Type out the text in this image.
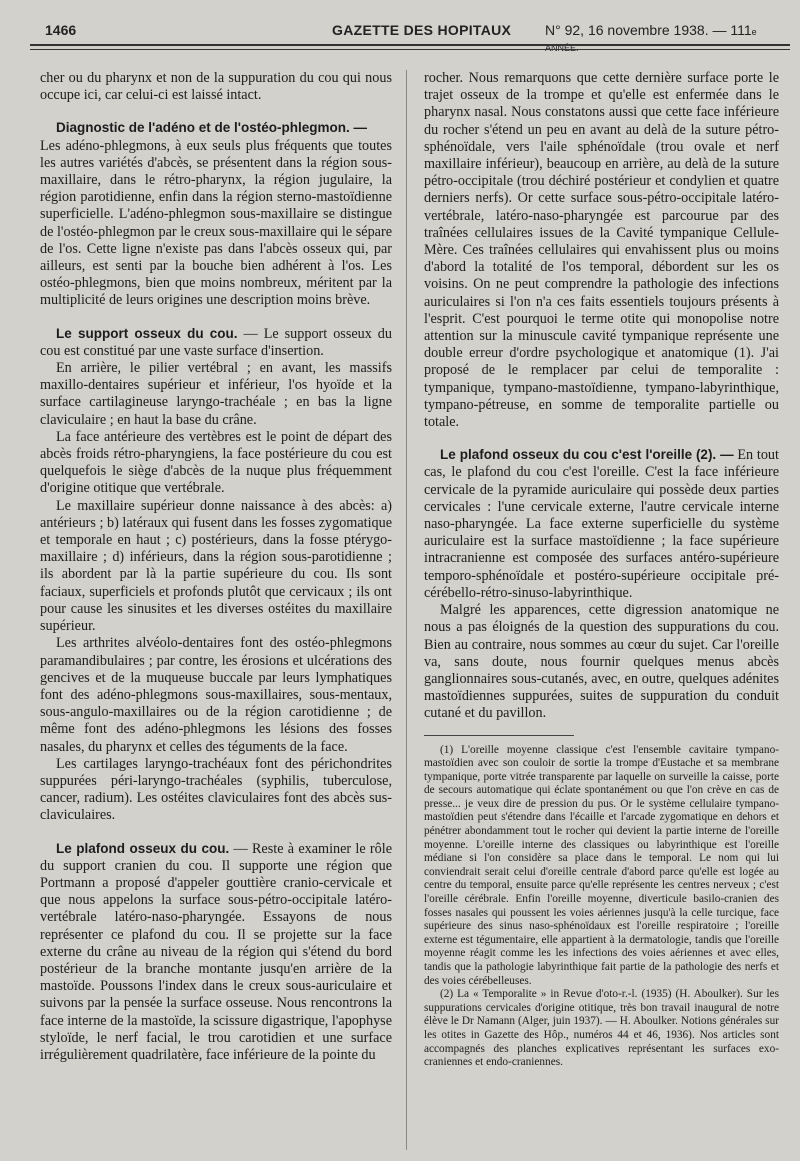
1466	GAZETTE DES HOPITAUX N° 92, 16 novembre 1938. — 111e ANNÉE.

cher ou du pharynx et non de la suppuration du cou qui nous occupe ici, car celui-ci est laissé intact.

Diagnostic de l'adéno et de l'ostéo-phlegmon. —

Les adéno-phlegmons, à eux seuls plus fréquents que toutes les autres variétés d'abcès, se présentent dans la région sous-maxillaire, dans le rétro-pharynx, la région jugulaire, la région parotidienne, enfin dans la région sterno-mastoïdienne superficielle. L'adéno-phlegmon sous-maxillaire se distingue de l'ostéo-phlegmon par le creux sous-maxillaire qui le sépare de l'os. Cette ligne n'existe pas dans l'abcès osseux qui, par ailleurs, est senti par la bouche bien adhérent à l'os. Les ostéo-phlegmons, bien que moins nombreux, méritent par la multiplicité de leurs origines une description moins brève.

Le support osseux du cou. — Le support osseux du cou est constitué par une vaste surface d'insertion.

En arrière, le pilier vertébral ; en avant, les massifs maxillo-dentaires supérieur et inférieur, l'os hyoïde et la surface cartilagineuse laryngo-trachéale ; en bas la ligne claviculaire ; en haut la base du crâne.

La face antérieure des vertèbres est le point de départ des abcès froids rétro-pharyngiens, la face postérieure du cou est quelquefois le siège d'abcès de la nuque plus fréquemment d'origine otitique que vertébrale.

Le maxillaire supérieur donne naissance à des abcès: a) antérieurs ; b) latéraux qui fusent dans les fosses zygomatique et temporale en haut ; c) postérieurs, dans la fosse ptérygo-maxillaire ; d) inférieurs, dans la région sous-parotidienne ; ils abordent par là la partie supérieure du cou. Ils sont faciaux, superficiels et profonds plutôt que cervicaux ; ils ont pour cause les sinusites et les diverses ostéites du maxillaire supérieur.

Les arthrites alvéolo-dentaires font des ostéo-phlegmons paramandibulaires ; par contre, les érosions et ulcérations des gencives et de la muqueuse buccale par leurs lymphatiques font des adéno-phlegmons sous-maxillaires, sous-mentaux, sous-angulo-maxillaires ou de la région carotidienne ; de même font des adéno-phlegmons les lésions des fosses nasales, du pharynx et celles des téguments de la face.

Les cartilages laryngo-trachéaux font des périchondrites suppurées péri-laryngo-trachéales (syphilis, tuberculose, cancer, radium). Les ostéites claviculaires font des abcès sus-claviculaires.

Le plafond osseux du cou. — Reste à examiner le rôle du support cranien du cou. Il supporte une région que Portmann a proposé d'appeler gouttière cranio-cervicale et que nous appelons la surface sous-pétro-occipitale latéro-vertébrale latéro-naso-pharyngée. Essayons de nous représenter ce plafond du cou. Il se projette sur la face externe du crâne au niveau de la région qui s'étend du bord postérieur de la branche montante jusqu'en arrière de la mastoïde. Poussons l'index dans le creux sous-auriculaire et suivons par la pensée la surface osseuse. Nous rencontrons la face interne de la mastoïde, la scissure digastrique, l'apophyse styloïde, le nerf facial, le trou carotidien et une surface irrégulièrement quadrilatère, face inférieure de la pointe du

rocher. Nous remarquons que cette dernière surface porte le trajet osseux de la trompe et qu'elle est enfermée dans le pharynx nasal. Nous constatons aussi que cette face inférieure du rocher s'étend un peu en avant au delà de la suture pétro-sphénoïdale, vers l'aile sphénoïdale (trou ovale et nerf maxillaire inférieur), beaucoup en arrière, au delà de la suture pétro-occipitale (trou déchiré postérieur et condylien et quatre derniers nerfs). Or cette surface sous-pétro-occipitale latéro-vertébrale, latéro-naso-pharyngée est parcourue par des traînées cellulaires issues de la Cavité tympanique Cellule-Mère. Ces traînées cellulaires qui envahissent plus ou moins d'abord la totalité de l'os temporal, débordent sur les os voisins. On ne peut comprendre la pathologie des infections auriculaires si l'on n'a ces faits essentiels toujours présents à l'esprit. C'est pourquoi le terme otite qui monopolise notre attention sur la minuscule cavité tympanique représente une double erreur d'ordre psychologique et anatomique (1). J'ai proposé de le remplacer par celui de temporalite : tympanique, tympano-mastoïdienne, tympano-labyrinthique, tympano-pétreuse, en somme de temporalite partielle ou totale.

Le plafond osseux du cou c'est l'oreille (2). — En tout cas, le plafond du cou c'est l'oreille. C'est la face inférieure cervicale de la pyramide auriculaire qui possède deux parties cervicales : l'une cervicale externe, l'autre cervicale interne naso-pharyngée. La face externe superficielle du système auriculaire est la surface mastoïdienne ; la face supérieure intracranienne est composée des surfaces antéro-supérieure temporo-sphénoïdale et postéro-supérieure occipitale pré-cérébello-rétro-sinuso-labyrinthique.

Malgré les apparences, cette digression anatomique ne nous a pas éloignés de la question des suppurations du cou. Bien au contraire, nous sommes au cœur du sujet. Car l'oreille va, sans doute, nous fournir quelques menus abcès ganglionnaires sous-cutanés, avec, en outre, quelques adénites mastoïdiennes suppurées, suites de suppuration du conduit cutané et du pavillon.

(1) L'oreille moyenne classique c'est l'ensemble cavitaire tympano-mastoïdien avec son couloir de sortie la trompe d'Eustache et sa membrane tympanique, porte vitrée transparente par laquelle on surveille la caisse, porte de secours automatique qui éclate spontanément ou que l'on crève en cas de presse... je veux dire de pression du pus. Or le système cellulaire tympano-mastoïdien peut s'étendre dans l'écaille et l'arcade zygomatique en dehors et pénétrer abondamment tout le rocher qui devient la partie interne de l'oreille moyenne. L'oreille interne des classiques ou labyrinthique est l'oreille médiane si l'on considère sa place dans le temporal. Le nom qui lui conviendrait serait celui d'oreille centrale d'abord parce qu'elle est logée au centre du temporal, ensuite parce qu'elle représente les centres nerveux ; c'est l'oreille cérébrale. Enfin l'oreille moyenne, diverticule basilo-cranien des fosses nasales qui poussent les voies aériennes jusqu'à la celle turcique, face supérieure des sinus naso-sphénoïdaux est l'oreille respiratoire ; l'oreille externe est tégumentaire, elle appartient à la dermatologie, tandis que l'oreille moyenne réagit comme les les infections des voies aériennes et avec elles, tandis que la pathologie labyrinthique fait partie de la pathologie des nerfs et des voies cérébelleuses.

(2) La « Temporalite » in Revue d'oto-r.-l. (1935) (H. Aboulker). Sur les suppurations cervicales d'origine otitique, très bon travail inaugural de notre élève le Dr Namann (Alger, juin 1937). — H. Aboulker. Notions générales sur les otites in Gazette des Hôp., numéros 44 et 46, 1936). Nos articles sont accompagnés des planches explicatives représentant les surfaces exo-craniennes et endo-craniennes.
